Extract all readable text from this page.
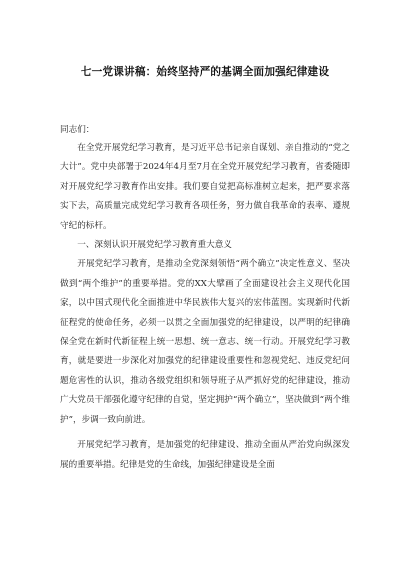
七一党课讲稿：始终坚持严的基调全面加强纪律建设

同志们：

在全党开展党纪学习教育，是习近平总书记亲自谋划、亲自推动的“党之大计”。党中央部署于2024年4月至7月在全党开展党纪学习教育，省委随即对开展党纪学习教育作出安排。我们要自觉把高标准树立起来，把严要求落实下去，高质量完成党纪学习教育各项任务，努力做自我革命的表率、遵规守纪的标杆。

一、深刻认识开展党纪学习教育重大意义

开展党纪学习教育，是推动全党深刻领悟“两个确立”决定性意义、坚决做到“两个维护”的重要举措。党的XX大擘画了全面建设社会主义现代化国家，以中国式现代化全面推进中华民族伟大复兴的宏伟蓝图。实现新时代新征程党的使命任务，必须一以贯之全面加强党的纪律建设，以严明的纪律确保全党在新时代新征程上统一思想、统一意志、统一行动。开展党纪学习教育，就是要进一步深化对加强党的纪律建设重要性和忽视党纪、违反党纪问题危害性的认识，推动各级党组织和领导班子从严抓好党的纪律建设，推动广大党员干部强化遵守纪律的自觉，坚定拥护“两个确立”，坚决做到“两个维护”，步调一致向前进。

开展党纪学习教育，是加强党的纪律建设、推动全面从严治党向纵深发展的重要举措。纪律是党的生命线，加强纪律建设是全面
